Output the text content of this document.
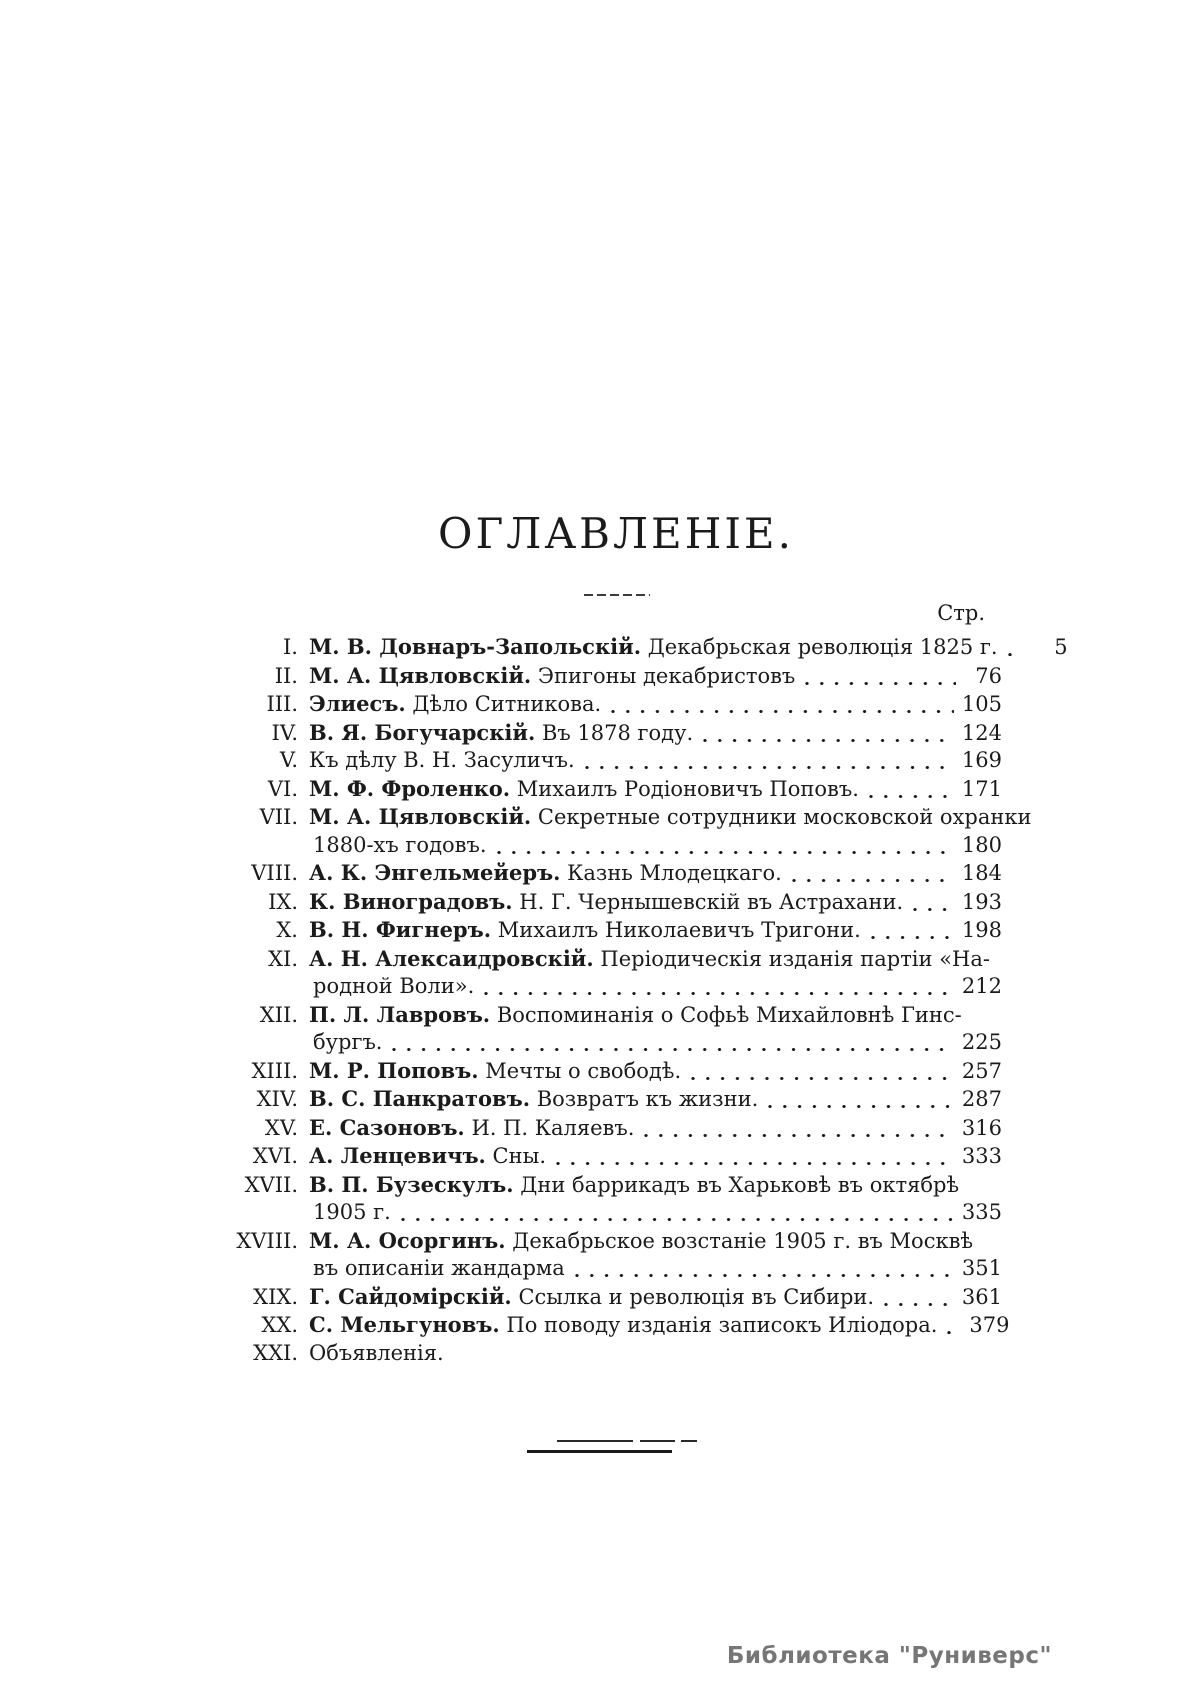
ОГЛАВЛЕНІЕ.
Стр.
I. М. В. Довнаръ-Запольскій. Декабрьская революція 1825 г.	5
II. М. А. Цявловскій. Эпигоны декабристовъ	76
III. Элиесъ. Дѣло Ситникова.	105
IV. В. Я. Богучарскій. Въ 1878 году.	124
V. Къ дѣлу В. Н. Засуличъ.	169
VI. М. Ф. Фроленко. Михаилъ Родіоновичъ Поповъ.	171
VII. М. А. Цявловскій. Секретные сотрудники московской охранки
1880-хъ годовъ.	180
VIII. А. К. Энгельмейеръ. Казнь Млодецкаго.	184
IX. К. Виноградовъ. Н. Г. Чернышевскій въ Астрахани.	193
X. В. Н. Фигнеръ. Михаилъ Николаевичъ Тригони.	198
XI. А. Н. Алексаидровскій. Періодическія изданія партіи «На-
родной Воли».	212
XII. П. Л. Лавровъ. Воспоминанія о Софьѣ Михайловнѣ Гинс-
бургъ.	225
XIII. М. Р. Поповъ. Мечты о свободѣ.	257
XIV. В. С. Панкратовъ. Возвратъ къ жизни.	287
XV. Е. Сазоновъ. И. П. Каляевъ.	316
XVI. А. Ленцевичъ. Сны.	333
XVII. В. П. Бузескулъ. Дни баррикадъ въ Харьковѣ въ октябрѣ
1905 г.	335
XVIII. М. А. Осоргинъ. Декабрьское возстаніе 1905 г. въ Москвѣ
въ описаніи жандарма	351
XIX. Г. Сайдомірскій. Ссылка и революція въ Сибири.	361
XX. С. Мельгуновъ. По поводу изданія записокъ Иліодора. 379
XXI. Объявленія.
Библиотека "Руниверс"
